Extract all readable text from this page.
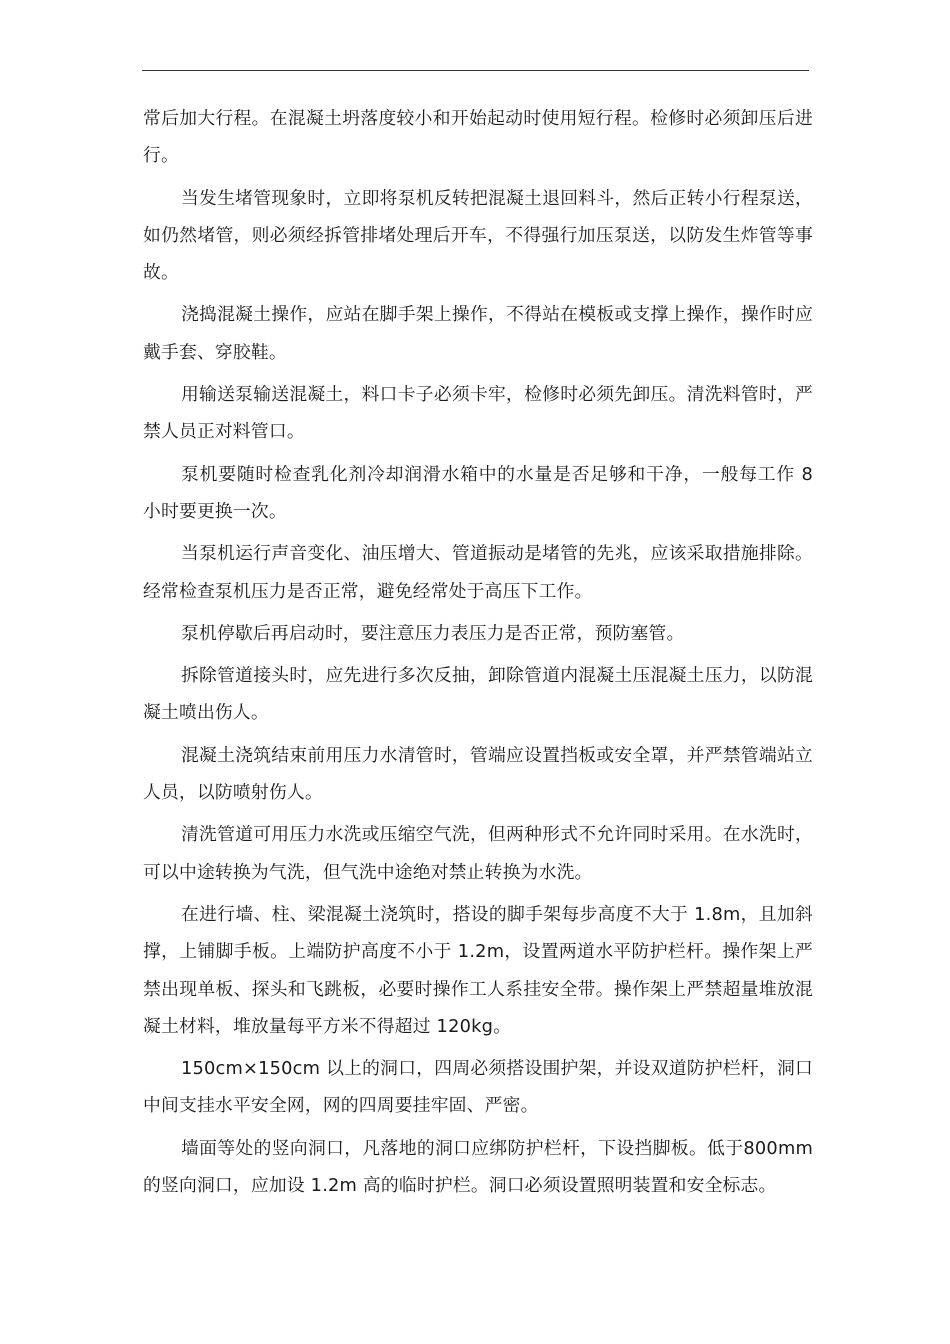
常后加大行程。在混凝土坍落度较小和开始起动时使用短行程。检修时必须卸压后进行。

当发生堵管现象时，立即将泵机反转把混凝土退回料斗，然后正转小行程泵送，如仍然堵管，则必须经拆管排堵处理后开车，不得强行加压泵送，以防发生炸管等事故。

浇捣混凝土操作，应站在脚手架上操作，不得站在模板或支撑上操作，操作时应戴手套、穿胶鞋。

用输送泵输送混凝土，料口卡子必须卡牢，检修时必须先卸压。清洗料管时，严禁人员正对料管口。

泵机要随时检查乳化剂冷却润滑水箱中的水量是否足够和干净，一般每工作 8 小时要更换一次。

当泵机运行声音变化、油压增大、管道振动是堵管的先兆，应该采取措施排除。经常检查泵机压力是否正常，避免经常处于高压下工作。

泵机停歇后再启动时，要注意压力表压力是否正常，预防塞管。

拆除管道接头时，应先进行多次反抽，卸除管道内混凝土压混凝土压力，以防混凝土喷出伤人。

混凝土浇筑结束前用压力水清管时，管端应设置挡板或安全罩，并严禁管端站立人员，以防喷射伤人。

清洗管道可用压力水洗或压缩空气洗，但两种形式不允许同时采用。在水洗时，可以中途转换为气洗，但气洗中途绝对禁止转换为水洗。

在进行墙、柱、梁混凝土浇筑时，搭设的脚手架每步高度不大于 1.8m，且加斜撑，上铺脚手板。上端防护高度不小于 1.2m，设置两道水平防护栏杆。操作架上严禁出现单板、探头和飞跳板，必要时操作工人系挂安全带。操作架上严禁超量堆放混凝土材料，堆放量每平方米不得超过 120kg。

150cm×150cm 以上的洞口，四周必须搭设围护架，并设双道防护栏杆，洞口中间支挂水平安全网，网的四周要挂牢固、严密。

墙面等处的竖向洞口，凡落地的洞口应绑防护栏杆，下设挡脚板。低于800mm 的竖向洞口，应加设 1.2m 高的临时护栏。洞口必须设置照明装置和安全标志。
